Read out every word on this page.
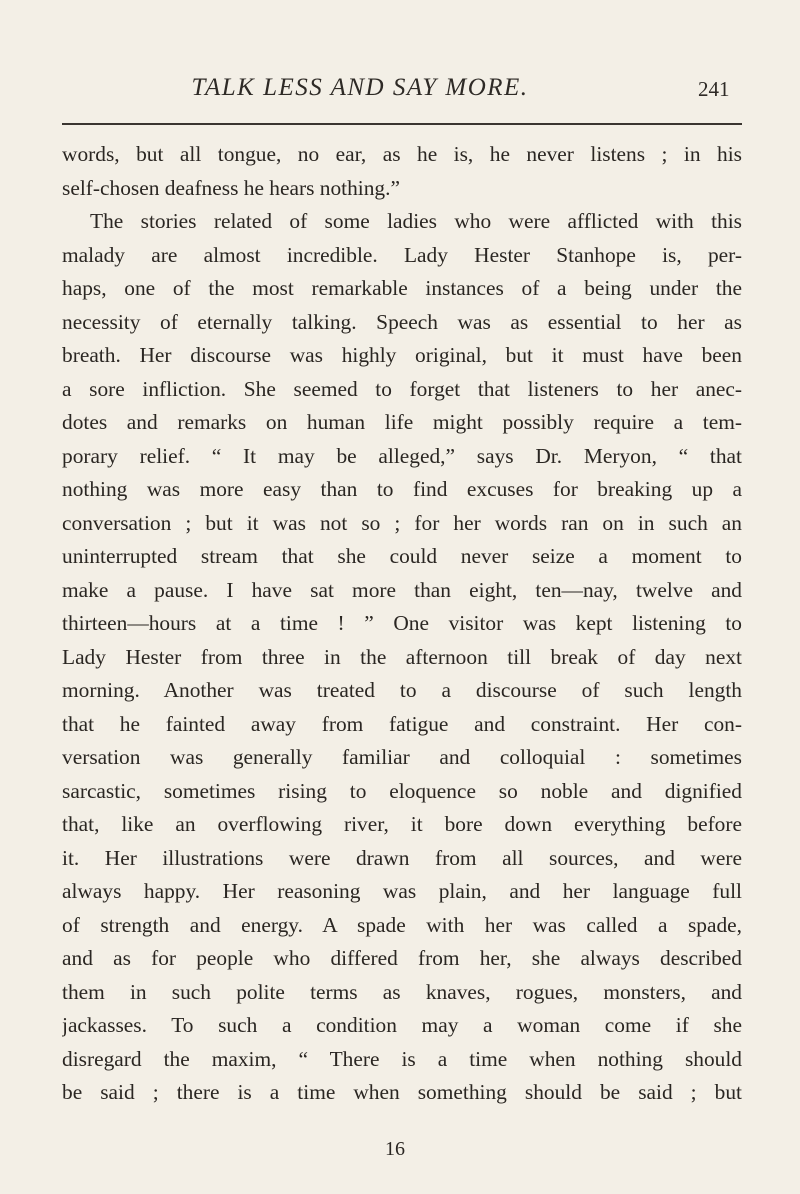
TALK LESS AND SAY MORE.	241
words, but all tongue, no ear, as he is, he never listens ; in his
self-chosen deafness he hears nothing.”
The stories related of some ladies who were afflicted with this
malady are almost incredible. Lady Hester Stanhope is, per-
haps, one of the most remarkable instances of a being under the
necessity of eternally talking. Speech was as essential to her as
breath. Her discourse was highly original, but it must have been
a sore infliction. She seemed to forget that listeners to her anec-
dotes and remarks on human life might possibly require a tem-
porary relief. “ It may be alleged,” says Dr. Meryon, “ that
nothing was more easy than to find excuses for breaking up a
conversation ; but it was not so ; for her words ran on in such an
uninterrupted stream that she could never seize a moment to
make a pause. I have sat more than eight, ten—nay, twelve and
thirteen—hours at a time ! ” One visitor was kept listening to
Lady Hester from three in the afternoon till break of day next
morning. Another was treated to a discourse of such length
that he fainted away from fatigue and constraint. Her con-
versation was generally familiar and colloquial : sometimes
sarcastic, sometimes rising to eloquence so noble and dignified
that, like an overflowing river, it bore down everything before
it. Her illustrations were drawn from all sources, and were
always happy. Her reasoning was plain, and her language full
of strength and energy. A spade with her was called a spade,
and as for people who differed from her, she always described
them in such polite terms as knaves, rogues, monsters, and
jackasses. To such a condition may a woman come if she
disregard the maxim, “ There is a time when nothing should
be said ; there is a time when something should be said ; but
16
